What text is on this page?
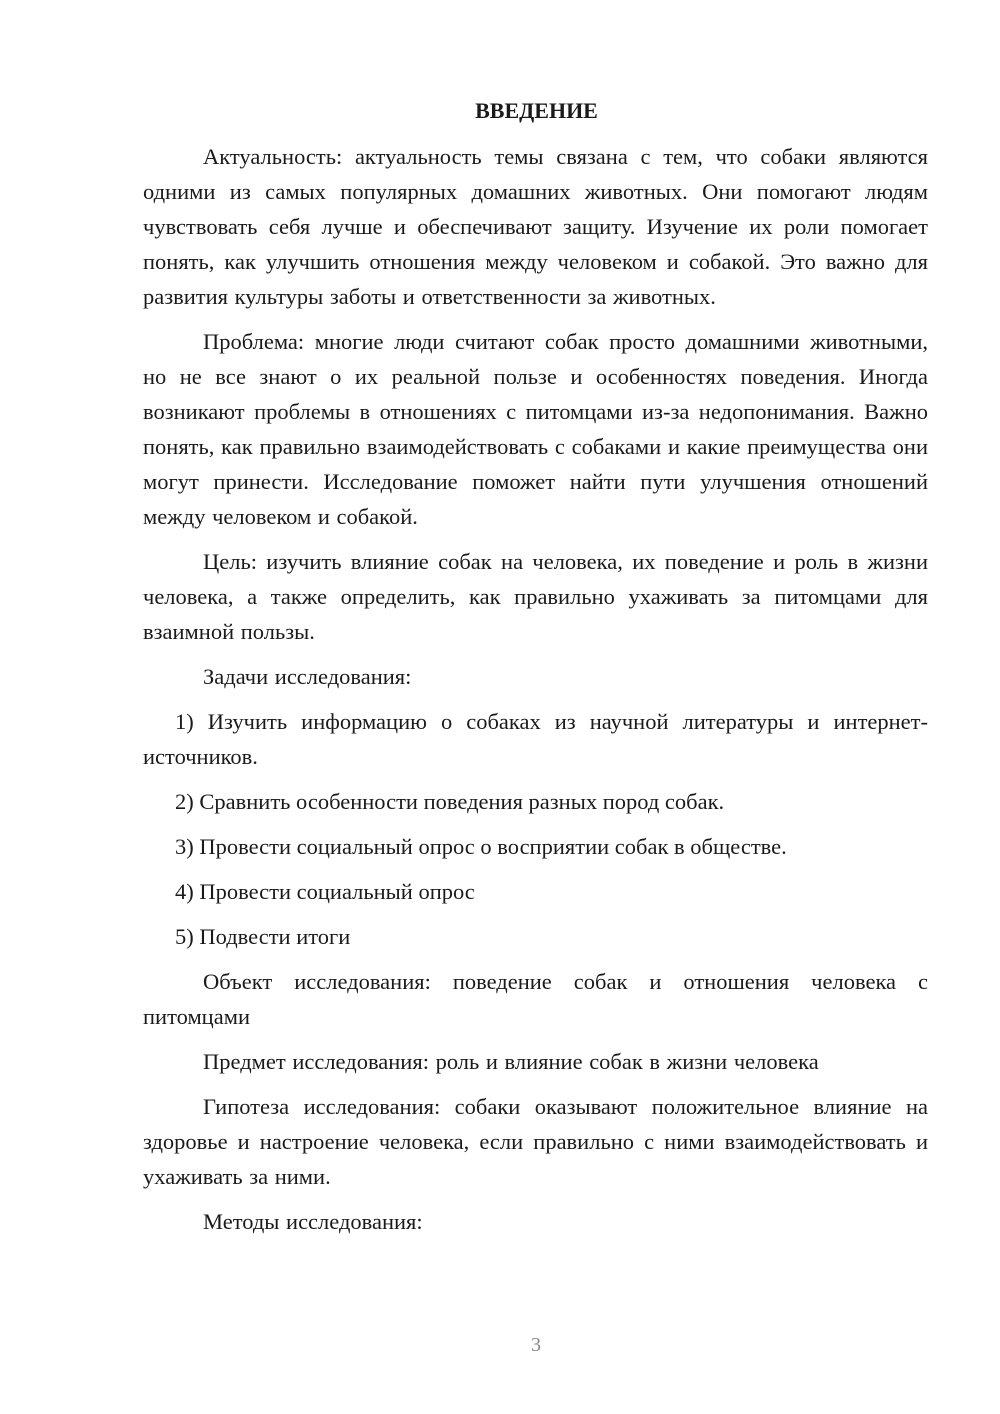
ВВЕДЕНИЕ

Актуальность: актуальность темы связана с тем, что собаки являются одними из самых популярных домашних животных. Они помогают людям чувствовать себя лучше и обеспечивают защиту. Изучение их роли помогает понять, как улучшить отношения между человеком и собакой. Это важно для развития культуры заботы и ответственности за животных.

Проблема: многие люди считают собак просто домашними животными, но не все знают о их реальной пользе и особенностях поведения. Иногда возникают проблемы в отношениях с питомцами из-за недопонимания. Важно понять, как правильно взаимодействовать с собаками и какие преимущества они могут принести. Исследование поможет найти пути улучшения отношений между человеком и собакой.

Цель: изучить влияние собак на человека, их поведение и роль в жизни человека, а также определить, как правильно ухаживать за питомцами для взаимной пользы.

Задачи исследования:

1) Изучить информацию о собаках из научной литературы и интернет-источников.

2) Сравнить особенности поведения разных пород собак.

3) Провести социальный опрос о восприятии собак в обществе.

4) Провести социальный опрос

5) Подвести итоги

Объект исследования: поведение собак и отношения человека с питомцами

Предмет исследования: роль и влияние собак в жизни человека

Гипотеза исследования: собаки оказывают положительное влияние на здоровье и настроение человека, если правильно с ними взаимодействовать и ухаживать за ними.

Методы исследования:

3
